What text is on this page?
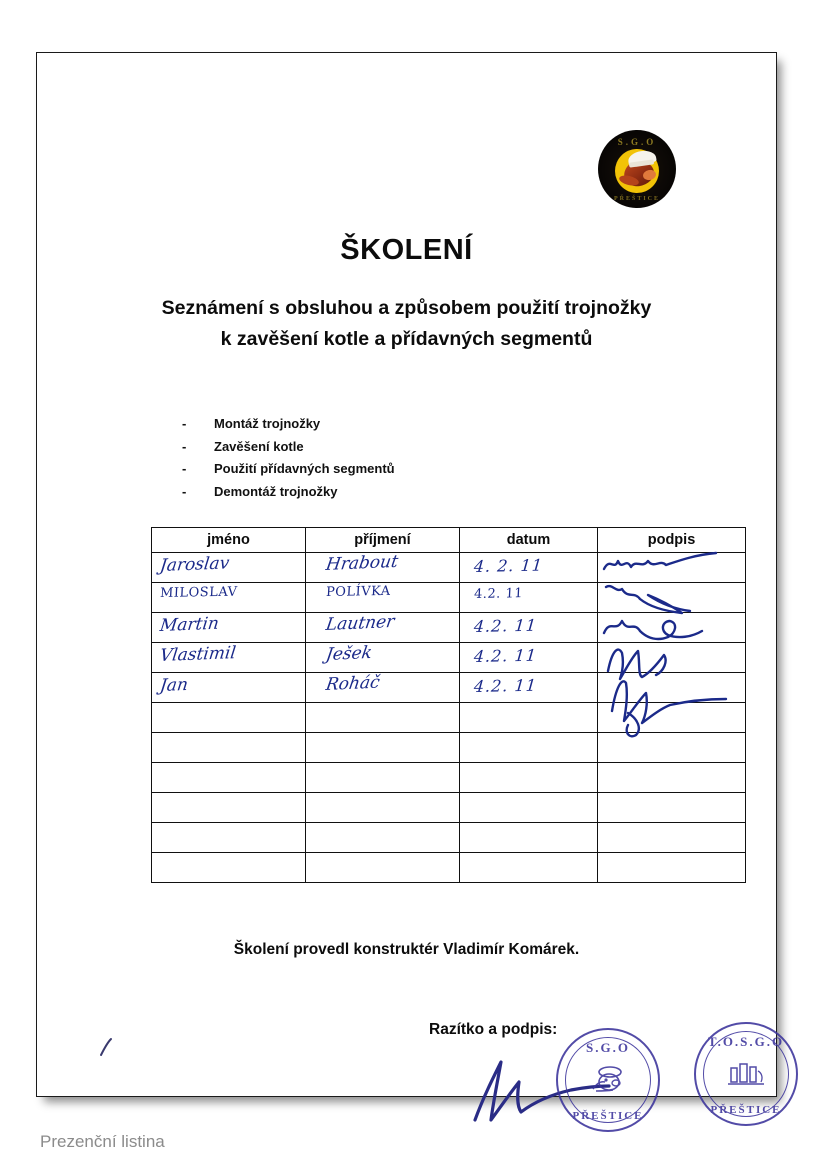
S.G.O
PŘEŠTICE
ŠKOLENÍ
Seznámení s obsluhou a způsobem použití trojnožky
k zavěšení kotle a přídavných segmentů
-	Montáž trojnožky
-	Zavěšení kotle
-	Použití přídavných segmentů
-	Demontáž trojnožky
jméno	příjmení	datum	podpis

Jaroslav	Hrabout	4. 2. 11

MILOSLAV	POLÍVKA	4.2. 11

Martin	Lautner	4.2. 11

Vlastimil	Ješek	4.2. 11

Jan	Roháč	4.2. 11

Školení provedl konstruktér Vladimír Komárek.
Razítko a podpis:
S.G.O
PŘEŠTICE
T.O.S.G.O
PŘEŠTICE
Prezenční listina
